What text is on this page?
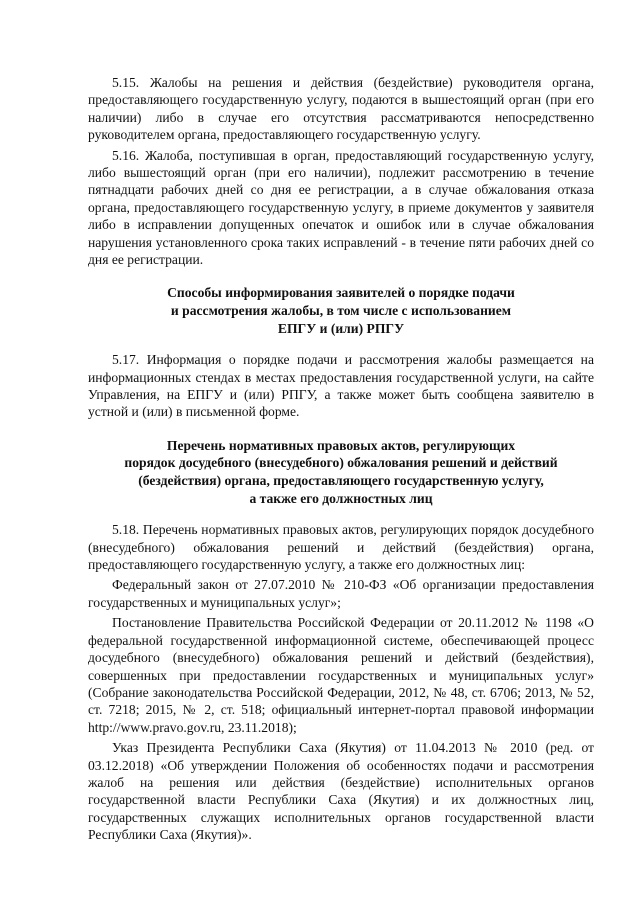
5.15. Жалобы на решения и действия (бездействие) руководителя органа, предоставляющего государственную услугу, подаются в вышестоящий орган (при его наличии) либо в случае его отсутствия рассматриваются непосредственно руководителем органа, предоставляющего государственную услугу.

5.16. Жалоба, поступившая в орган, предоставляющий государственную услугу, либо вышестоящий орган (при его наличии), подлежит рассмотрению в течение пятнадцати рабочих дней со дня ее регистрации, а в случае обжалования отказа органа, предоставляющего государственную услугу, в приеме документов у заявителя либо в исправлении допущенных опечаток и ошибок или в случае обжалования нарушения установленного срока таких исправлений - в течение пяти рабочих дней со дня ее регистрации.

Способы информирования заявителей о порядке подачи
и рассмотрения жалобы, в том числе с использованием
ЕПГУ и (или) РПГУ

5.17. Информация о порядке подачи и рассмотрения жалобы размещается на информационных стендах в местах предоставления государственной услуги, на сайте Управления, на ЕПГУ и (или) РПГУ, а также может быть сообщена заявителю в устной и (или) в письменной форме.

Перечень нормативных правовых актов, регулирующих
порядок досудебного (внесудебного) обжалования решений и действий
(бездействия) органа, предоставляющего государственную услугу,
а также его должностных лиц

5.18. Перечень нормативных правовых актов, регулирующих порядок досудебного (внесудебного) обжалования решений и действий (бездействия) органа, предоставляющего государственную услугу, а также его должностных лиц:

Федеральный закон от 27.07.2010 № 210-ФЗ «Об организации предоставления государственных и муниципальных услуг»;

Постановление Правительства Российской Федерации от 20.11.2012 № 1198 «О федеральной государственной информационной системе, обеспечивающей процесс досудебного (внесудебного) обжалования решений и действий (бездействия), совершенных при предоставлении государственных и муниципальных услуг» (Собрание законодательства Российской Федерации, 2012, № 48, ст. 6706; 2013, № 52, ст. 7218; 2015, № 2, ст. 518; официальный интернет-портал правовой информации http://www.pravo.gov.ru, 23.11.2018);

Указ Президента Республики Саха (Якутия) от 11.04.2013 № 2010 (ред. от 03.12.2018) «Об утверждении Положения об особенностях подачи и рассмотрения жалоб на решения или действия (бездействие) исполнительных органов государственной власти Республики Саха (Якутия) и их должностных лиц, государственных служащих исполнительных органов государственной власти Республики Саха (Якутия)».
